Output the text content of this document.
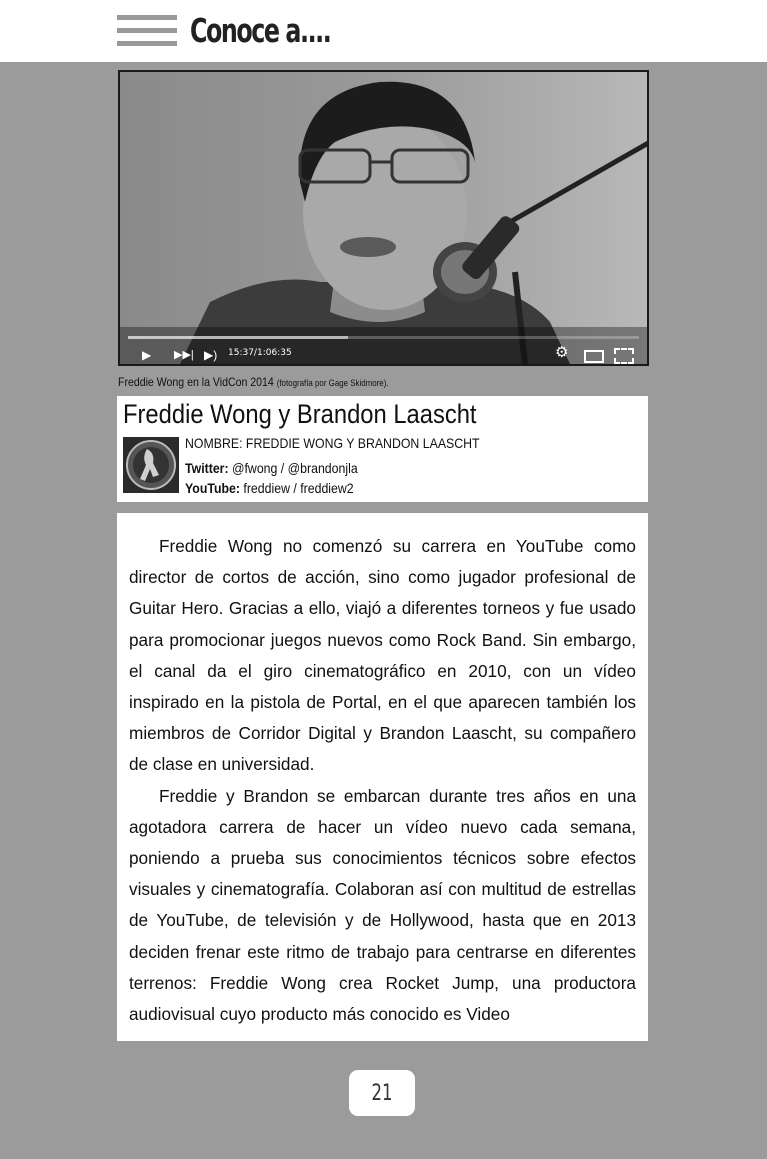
Conoce a....
▶ ▶▶| ▶) 15:37/1:06:35	⚙
Freddie Wong en la VidCon 2014 (fotografía por Gage Skidmore).
Freddie Wong y Brandon Laascht
NOMBRE: FREDDIE WONG Y BRANDON LAASCHT
Twitter: @fwong / @brandonjla
YouTube: freddiew / freddiew2

Freddie Wong no comenzó su carrera en YouTube como director de cortos de acción, sino como jugador profesional de Guitar Hero. Gracias a ello, viajó a diferentes torneos y fue usado para promocionar juegos nuevos como Rock Band. Sin embargo, el canal da el giro cinematográfico en 2010, con un vídeo inspirado en la pistola de Portal, en el que aparecen también los miembros de Corridor Digital y Brandon Laascht, su compañero de clase en universidad.

Freddie y Brandon se embarcan durante tres años en una agotadora carrera de hacer un vídeo nuevo cada semana, poniendo a prueba sus conocimientos técnicos sobre efectos visuales y cinematografía. Colaboran así con multitud de estrellas de YouTube, de televisión y de Hollywood, hasta que en 2013 deciden frenar este ritmo de trabajo para centrarse en diferentes terrenos: Freddie Wong crea Rocket Jump, una productora audiovisual cuyo producto más conocido es Video

21
